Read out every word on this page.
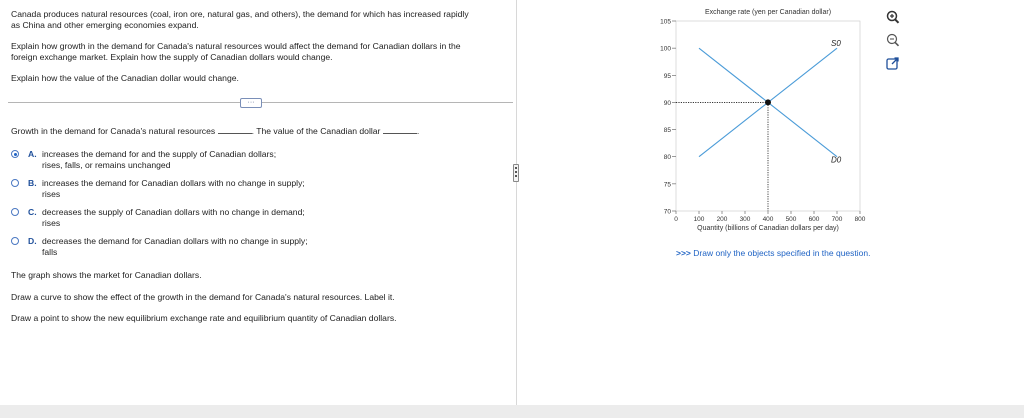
Canada produces natural resources (coal, iron ore, natural gas, and others), the demand for which has increased rapidly
as China and other emerging economies expand.
Explain how growth in the demand for Canada's natural resources would affect the demand for Canadian dollars in the
foreign exchange market. Explain how the supply of Canadian dollars would change.
Explain how the value of the Canadian dollar would change.
···
Growth in the demand for Canada's natural resources	. The value of the Canadian dollar	.
A. increases the demand for and the supply of Canadian dollars;
rises, falls, or remains unchanged
B. increases the demand for Canadian dollars with no change in supply;
rises
C. decreases the supply of Canadian dollars with no change in demand;
rises
D. decreases the demand for Canadian dollars with no change in supply;
falls
The graph shows the market for Canadian dollars.
Draw a curve to show the effect of the growth in the demand for Canada's natural resources. Label it.
Draw a point to show the new equilibrium exchange rate and equilibrium quantity of Canadian dollars.
70
75
80
85
90
95
100
105
0 100 200 300 400 500 600 700 800
Exchange rate (yen per Canadian dollar)
Quantity (billions of Canadian dollars per day)
S0
D0
>>> Draw only the objects specified in the question.
